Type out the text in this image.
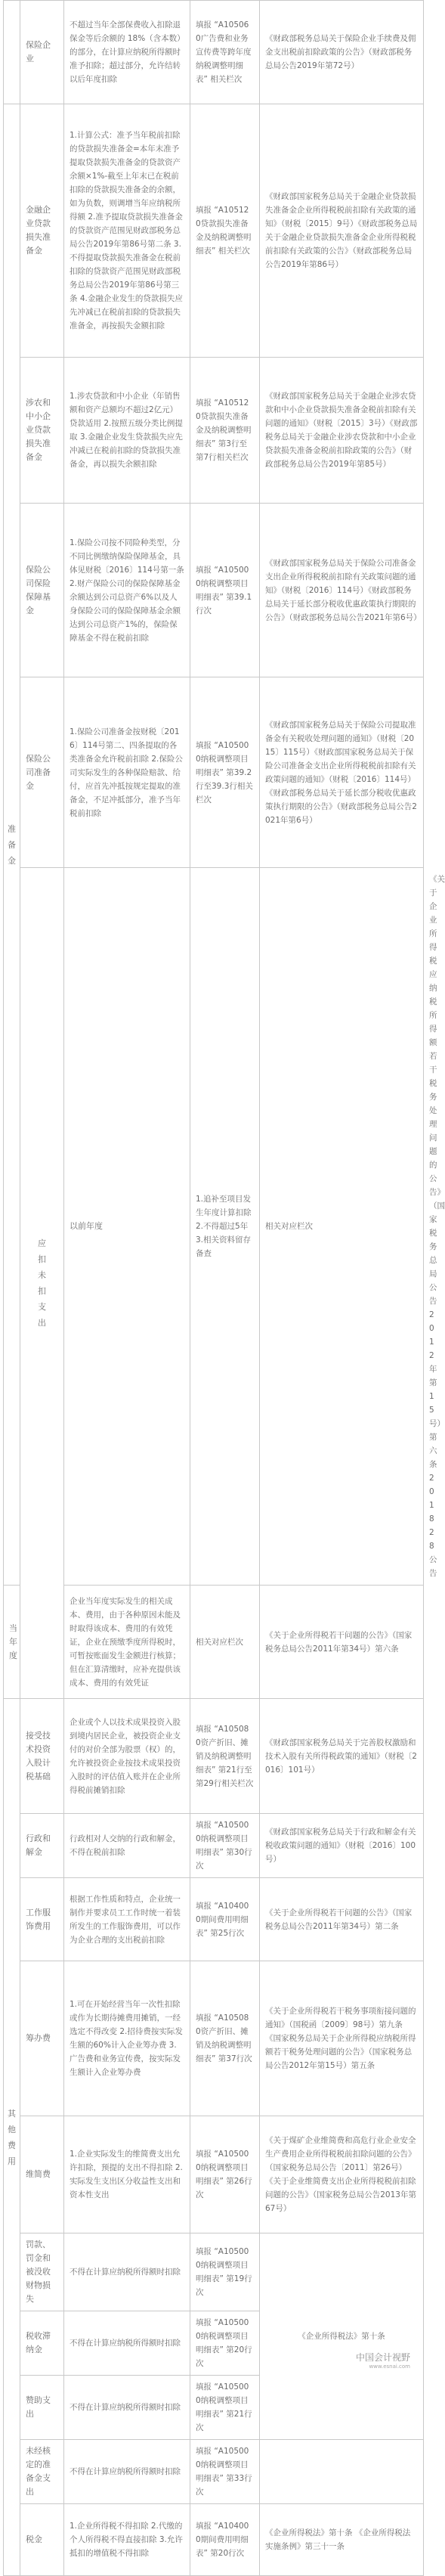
	保险企业	不超过当年全部保费收入扣除退保金等后余额的 18%（含本数）的部分，在计算应纳税所得额时准予扣除；超过部分，允许结转以后年度扣除	填报 “A105060广告费和业务宣传费等跨年度纳税调整明细表” 相关栏次	《财政部税务总局关于保险企业手续费及佣金支出税前扣除政策的公告》（财政部税务总局公告2019年第72号）	

准备金	金融企业贷款损失准备金	1.计算公式：准予当年税前扣除的贷款损失准备金=本年末准予提取贷款损失准备金的贷款资产余额×1%-截至上年末已在税前扣除的贷款损失准备金的余额，如为负数，则调增当年应纳税所得额 2.准予提取贷款损失准备金的贷款资产范围见财政部税务总局公告2019年第86号第二条 3.不得提取贷款损失准备金在税前扣除的贷款资产范围见财政部税务总局公告2019年第86号第三条 4.金融企业发生的贷款损失应先冲减已在税前扣除的贷款损失准备金，再按损失金额扣除	填报 “A105120贷款损失准备金及纳税调整明细表” 相关栏次	《财政部国家税务总局关于金融企业贷款损失准备金企业所得税税前扣除有关政策的通知》（财税〔2015〕9号）《财政部税务总局关于金融企业贷款损失准备金企业所得税税前扣除有关政策的公告》（财政部税务总局公告2019年第86号）	
	涉农和中小企业贷款损失准备金	1.涉农贷款和中小企业（年销售额和资产总额均不超过2亿元）贷款适用 2.按照五级分类比例提取 3.金融企业发生贷款损失应先冲减已在税前扣除的贷款损失准备金，再以损失余额扣除	填报 “A105120贷款损失准备金及纳税调整明细表” 第3行至第7行相关栏次	《财政部国家税务总局关于金融企业涉农贷款和中小企业贷款损失准备金税前扣除有关问题的通知》（财税〔2015〕3号）《财政部税务总局关于金融企业涉农贷款和中小企业贷款损失准备金税前扣除政策的公告》（财政部税务总局公告2019年第85号）	
	保险公司保险保障基金	1.保险公司按不同险种类型，分不同比例缴纳保险保障基金，具体见财税〔2016〕114号第一条 2.财产保险公司的保险保障基金余额达到公司总资产6%以及人身保险公司的保险保障基金余额达到公司总资产1%的，保险保障基金不得在税前扣除	填报 “A105000纳税调整项目明细表” 第39.1行次	《财政部国家税务总局关于保险公司准备金支出企业所得税税前扣除有关政策问题的通知》（财税〔2016〕114号）《财政部税务总局关于延长部分税收优惠政策执行期限的公告》（财政部税务总局公告2021年第6号）	
	保险公司准备金	1.保险公司准备金按财税〔2016〕114号第二、四条提取的各类准备金允许税前扣除 2.保险公司实际发生的各种保险赔款、给付，应首先冲抵按规定提取的准备金，不足冲抵部分，准予当年税前扣除	填报 “A105000纳税调整项目明细表” 第39.2行至39.3行相关栏次	《财政部国家税务总局关于保险公司提取准备金有关税收处理问题的通知》（财税〔2015〕115号）《财政部国家税务总局关于保险公司准备金支出企业所得税税前扣除有关政策问题的通知》（财税〔2016〕114号）《财政部税务总局关于延长部分税收优惠政策执行期限的公告》（财政部税务总局公告2021年第6号）	

	应扣未扣支出	以前年度	1.追补至项目发生年度计算扣除 2.不得超过5年 3.相关资料留存备查	相关对应栏次	《关于企业所得税应纳税所得额若干税务处理问题的公告》（国家税务总局公告2012年第15号）第六条 201828公告
当年度		企业当年度实际发生的相关成本、费用，由于各种原因未能及时取得该成本、费用的有效凭证，企业在预缴季度所得税时，可暂按账面发生金额进行核算；但在汇算清缴时，应补充提供该成本、费用的有效凭证	相关对应栏次	《关于企业所得税若干问题的公告》（国家税务总局公告2011年第34号）第六条	

其他费用	接受技术投资入股计税基础	企业或个人以技术成果投资入股到境内居民企业，被投资企业支付的对价全部为股票（权）的，允许被投资企业按技术成果投资入股时的评估值入账并在企业所得税前摊销扣除	填报 “A105080资产折旧、摊销及纳税调整明细表” 第21行至第29行相关栏次	《财政部国家税务总局关于完善股权激励和技术入股有关所得税政策的通知》（财税〔2016〕101号）	
	行政和解金	行政相对人交纳的行政和解金，不得在税前扣除	填报 “A105000纳税调整项目明细表” 第30行次	《财政部国家税务总局关于行政和解金有关税收政策问题的通知》（财税〔2016〕100号）	
	工作服饰费用	根据工作性质和特点，企业统一制作并要求员工工作时统一着装所发生的工作服饰费用，可以作为企业合理的支出税前扣除	填报 “A104000期间费用明细表” 第25行次	《关于企业所得税若干问题的公告》（国家税务总局公告2011年第34号）第二条	
	筹办费	1.可在开始经营当年一次性扣除或作为长期待摊费用摊销，一经选定不得改变 2.招待费按实际发生额的60%计入企业筹办费 3.广告费和业务宣传费，按实际发生额计入企业筹办费	填报 “A105080资产折旧、摊销及纳税调整明细表” 第37行次	《关于企业所得税若干税务事项衔接问题的通知》（国税函〔2009〕98号）第九条 《国家税务总局关于企业所得税应纳税所得额若干税务处理问题的公告》（国家税务总局公告2012年第15号）第五条	
	维简费	1.企业实际发生的维简费支出允许扣除，预提的支出不得扣除 2.实际发生支出区分收益性支出和资本性支出	填报 “A105000纳税调整项目明细表” 第26行次	《关于煤矿企业维简费和高危行业企业安全生产费用企业所得税税前扣除问题的公告》（国家税务总局公告〔2011〕第26号）《关于企业维简费支出企业所得税税前扣除问题的公告》（国家税务总局公告2013年第67号）	
	罚款、罚金和被没收财物损失	不得在计算应纳税所得额时扣除	填报 “A105000纳税调整项目明细表” 第19行次	《企业所得税法》第十条	
	税收滞纳金	不得在计算应纳税所得额时扣除	填报 “A105000纳税调整项目明细表” 第20行次		
	赞助支出	不得在计算应纳税所得额时扣除	填报 “A105000纳税调整项目明细表” 第21行次		
	未经核定的准备金支出	不得在计算应纳税所得额时扣除	填报 “A105000纳税调整项目明细表” 第33行次		
	税金	1.企业所得税不得扣除 2.代缴的个人所得税不得直接扣除 3.允许抵扣的增值税不得扣除	填报 “A104000期间费用明细表” 第20行次	《企业所得税法》第十条 《企业所得税法实施条例》第三十一条	
中国会计视野
www.esnai.com
